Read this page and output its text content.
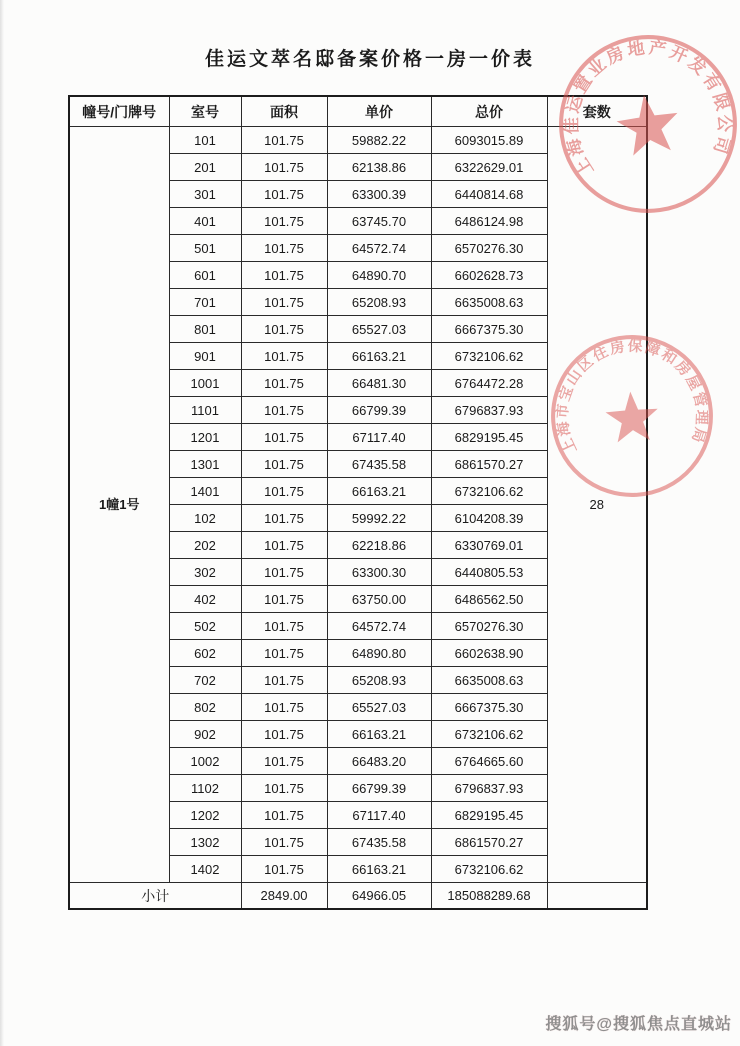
佳运文萃名邸备案价格一房一价表
幢号/门牌号	室号	面积	单价	总价	套数
1幢1号	101	101.75	59882.22	6093015.89	28
	201	101.75	62138.86	6322629.01	
	301	101.75	63300.39	6440814.68	
	401	101.75	63745.70	6486124.98	
	501	101.75	64572.74	6570276.30	
	601	101.75	64890.70	6602628.73	
	701	101.75	65208.93	6635008.63	
	801	101.75	65527.03	6667375.30	
	901	101.75	66163.21	6732106.62	
	1001	101.75	66481.30	6764472.28	
	1101	101.75	66799.39	6796837.93	
	1201	101.75	67117.40	6829195.45	
	1301	101.75	67435.58	6861570.27	
	1401	101.75	66163.21	6732106.62	
	102	101.75	59992.22	6104208.39	
	202	101.75	62218.86	6330769.01	
	302	101.75	63300.30	6440805.53	
	402	101.75	63750.00	6486562.50	
	502	101.75	64572.74	6570276.30	
	602	101.75	64890.80	6602638.90	
	702	101.75	65208.93	6635008.63	
	802	101.75	65527.03	6667375.30	
	902	101.75	66163.21	6732106.62	
	1002	101.75	66483.20	6764665.60	
	1102	101.75	66799.39	6796837.93	
	1202	101.75	67117.40	6829195.45	
	1302	101.75	67435.58	6861570.27	
	1402	101.75	66163.21	6732106.62	
小计		2849.00	64966.05	185088289.68	
上海佳运置业房地产开发有限公司
上海市宝山区住房保障和房屋管理局
搜狐号@搜狐焦点直城站
